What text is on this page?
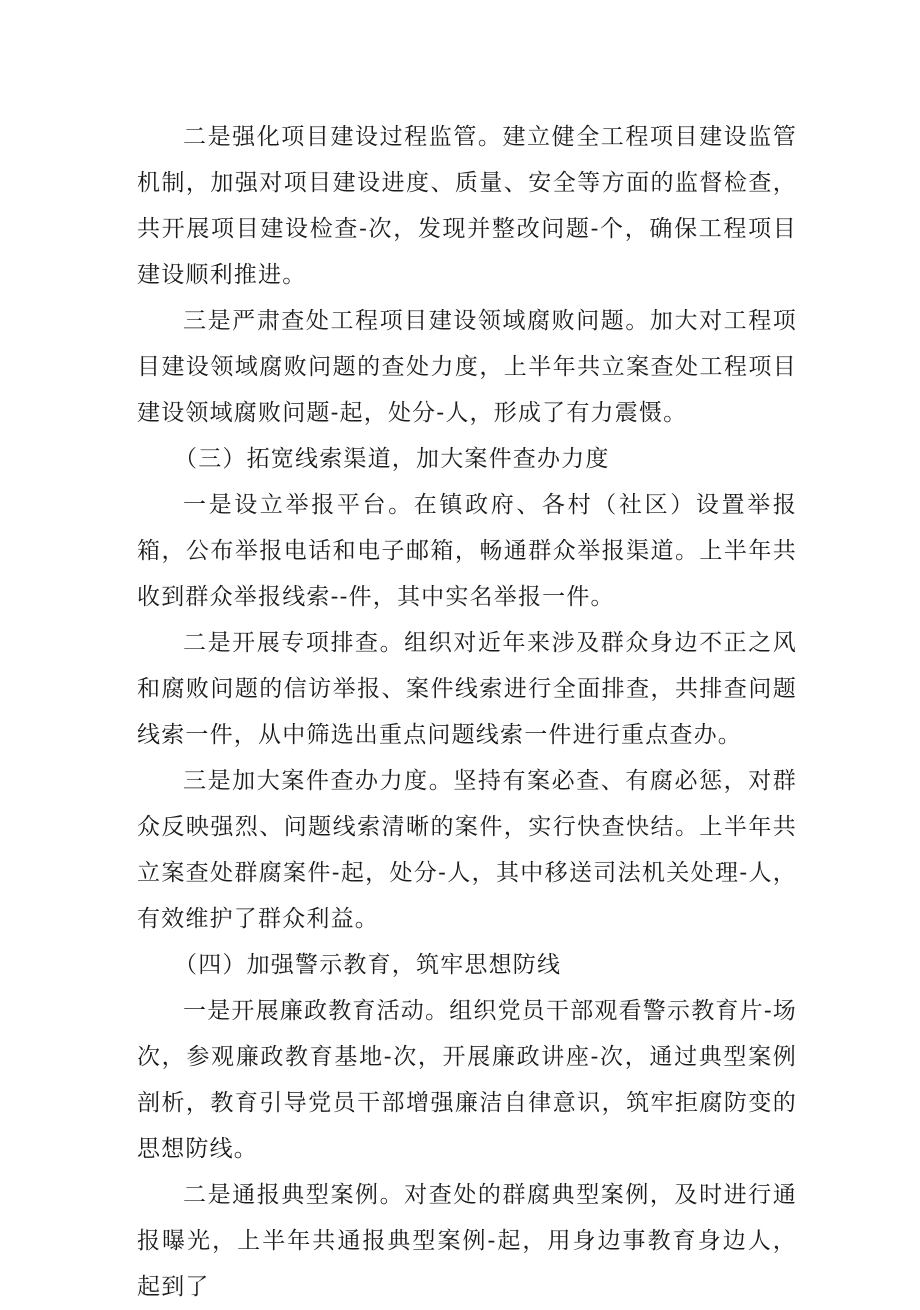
二是强化项目建设过程监管。建立健全工程项目建设监管机制，加强对项目建设进度、质量、安全等方面的监督检查，共开展项目建设检查-次，发现并整改问题-个，确保工程项目建设顺利推进。

三是严肃查处工程项目建设领域腐败问题。加大对工程项目建设领域腐败问题的查处力度，上半年共立案查处工程项目建设领域腐败问题-起，处分-人，形成了有力震慑。

（三）拓宽线索渠道，加大案件查办力度

一是设立举报平台。在镇政府、各村（社区）设置举报箱，公布举报电话和电子邮箱，畅通群众举报渠道。上半年共收到群众举报线索--件，其中实名举报一件。

二是开展专项排查。组织对近年来涉及群众身边不正之风和腐败问题的信访举报、案件线索进行全面排查，共排查问题线索一件，从中筛选出重点问题线索一件进行重点查办。

三是加大案件查办力度。坚持有案必查、有腐必惩，对群众反映强烈、问题线索清晰的案件，实行快查快结。上半年共立案查处群腐案件-起，处分-人，其中移送司法机关处理-人，有效维护了群众利益。

（四）加强警示教育，筑牢思想防线

一是开展廉政教育活动。组织党员干部观看警示教育片-场次，参观廉政教育基地-次，开展廉政讲座-次，通过典型案例剖析，教育引导党员干部增强廉洁自律意识，筑牢拒腐防变的思想防线。

二是通报典型案例。对查处的群腐典型案例，及时进行通报曝光，上半年共通报典型案例-起，用身边事教育身边人，起到了
